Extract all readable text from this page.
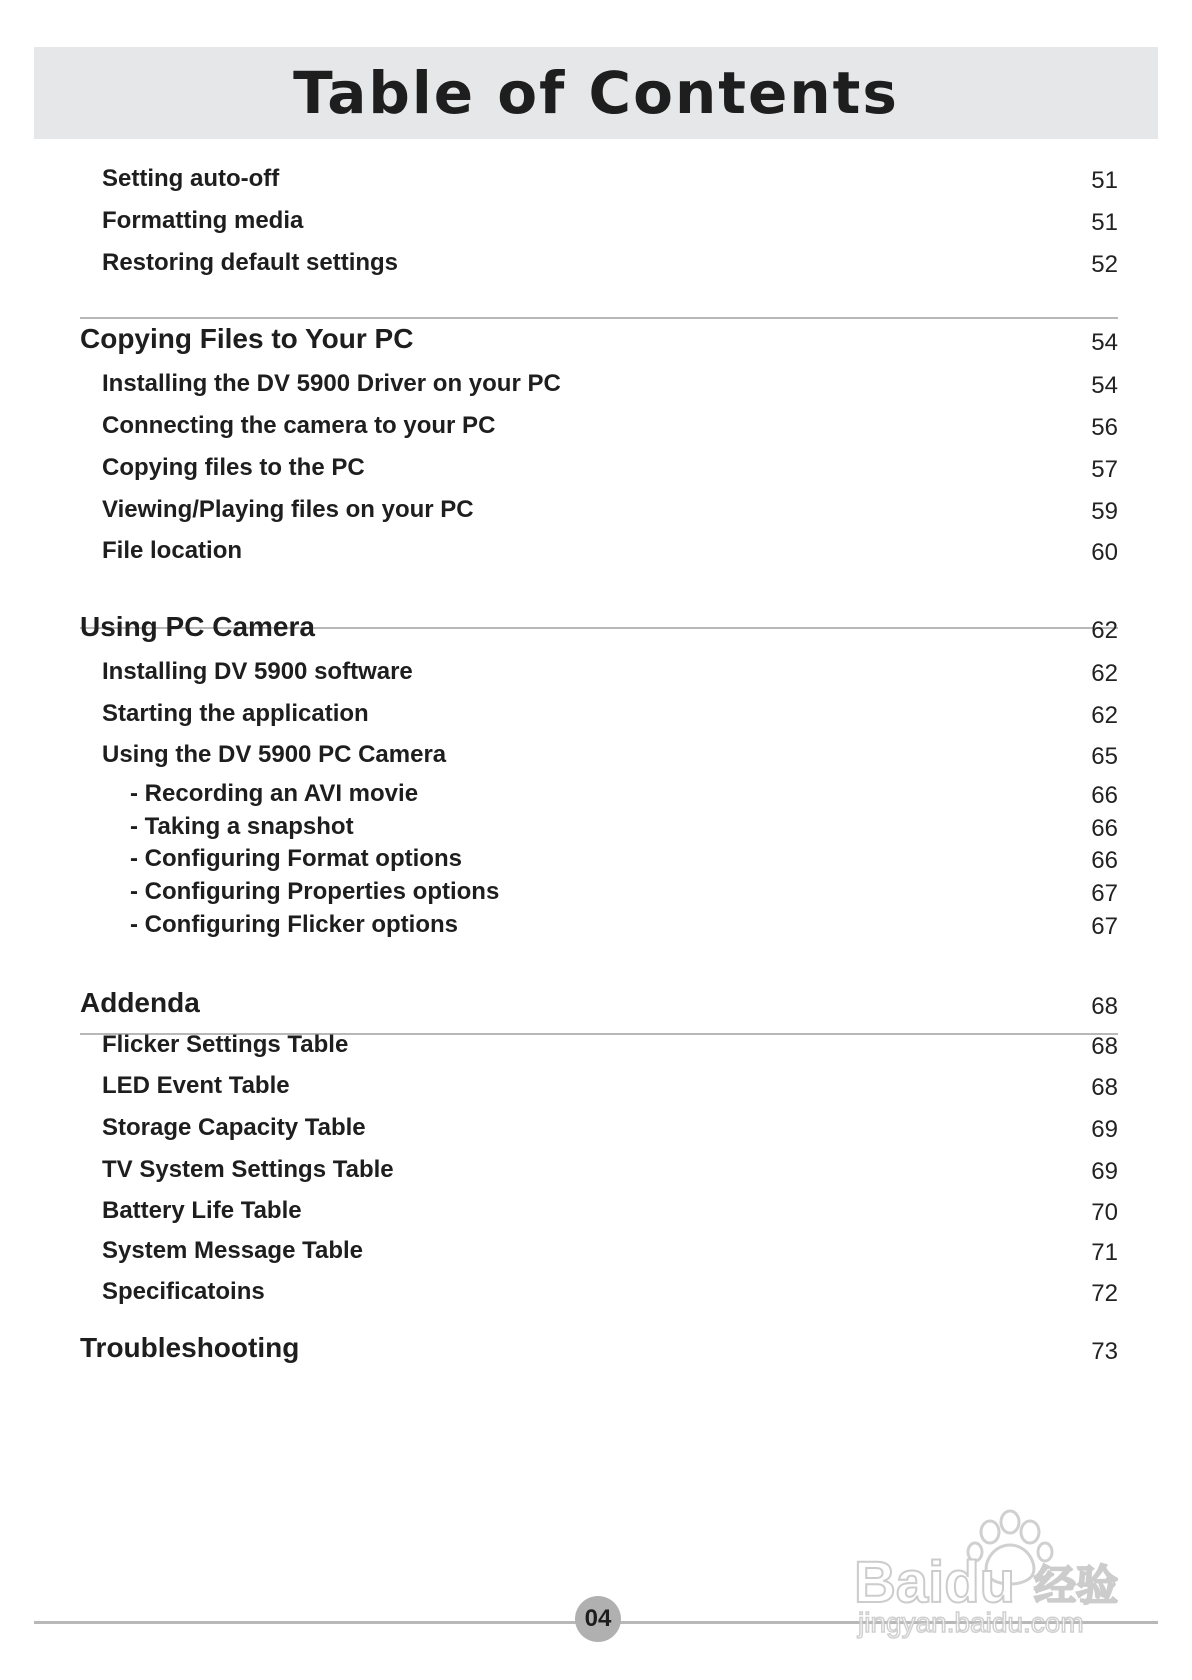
Table of Contents
Setting auto-off	51
Formatting media	51
Restoring default settings	52
Copying Files to Your PC	54
Installing the DV 5900 Driver on your PC	54
Connecting the camera to your PC	56
Copying files to the PC	57
Viewing/Playing files on your PC	59
File location	60
Using PC Camera	62
Installing DV 5900 software	62
Starting the application	62
Using the DV 5900 PC Camera	65
- Recording an AVI movie	66
- Taking a snapshot	66
- Configuring Format options	66
- Configuring Properties options	67
- Configuring Flicker options	67
Addenda	68
Flicker Settings Table	68
LED Event Table	68
Storage Capacity Table	69
TV System Settings Table	69
Battery Life Table	70
System Message Table	71
Specificatoins	72
Troubleshooting	73
04
Baidu 经验
jingyan.baidu.com
